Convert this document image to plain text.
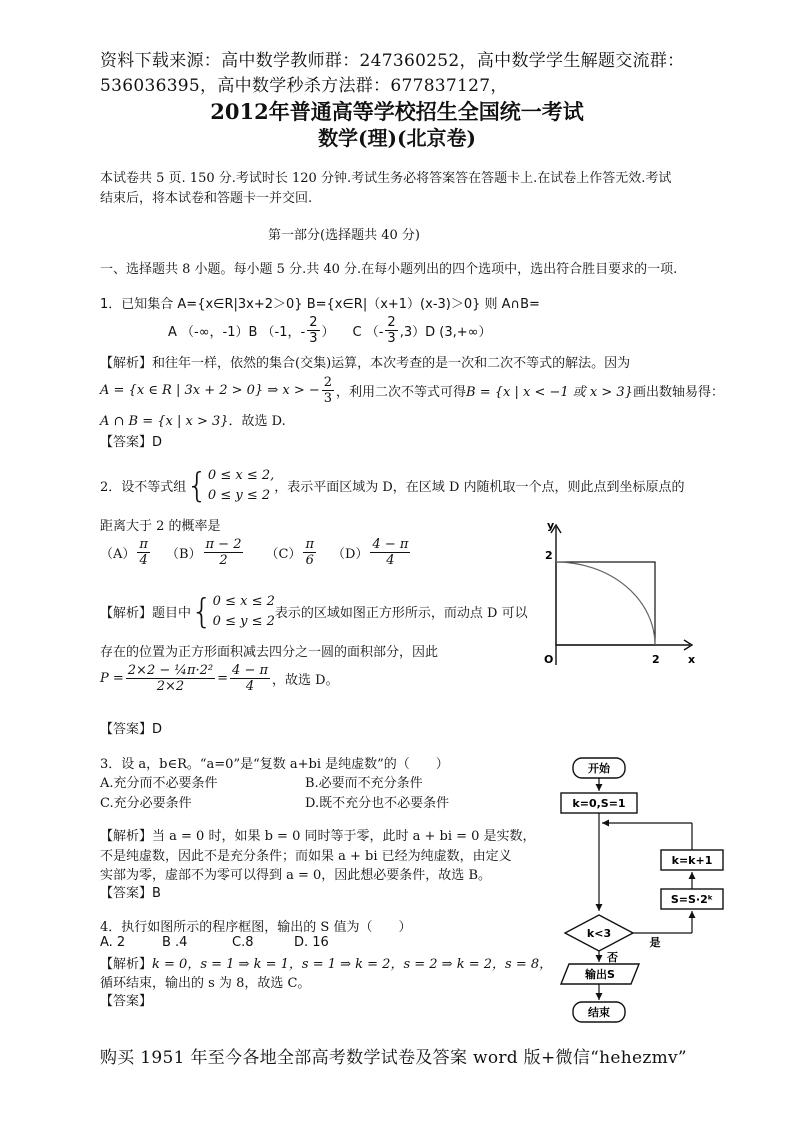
资料下载来源：高中数学教师群：247360252，高中数学学生解题交流群：
536036395，高中数学秒杀方法群：677837127，
2012年普通高等学校招生全国统一考试
数学(理)(北京卷)
本试卷共 5 页. 150 分.考试时长 120 分钟.考试生务必将答案答在答题卡上.在试卷上作答无效.考试
结束后，将本试卷和答题卡一并交回.
第一部分(选择题共 40 分)
一、选择题共 8 小题。每小题 5 分.共 40 分.在每小题列出的四个选项中，选出符合胜目要求的一项.
1．已知集合 A={x∈R|3x+2＞0} B={x∈R|（x+1）(x-3)＞0} 则 A∩B=
A （-∞，-1）B （-1，- $\frac{2}{3}$ ） C （- $\frac{2}{3} ,3)D$ (3,+∞）
【解析】和往年一样，依然的集合(交集)运算，本次考查的是一次和二次不等式的解法。因为
A = {x ∈ R | 3x + 2 > 0} ⇒ x > − $\frac{2}{3}$ ，利用二次不等式可得 B = {x | x < −1 或 x > 3} 画出数轴易得：
A ∩ B = {x | x > 3}．故选 D.
【答案】D
2．设不等式组 { 0 ≤ x ≤ 2,
0 ≤ y ≤ 2 ，表示平面区域为 D，在区域 D 内随机取一个点，则此点到坐标原点的
距离大于 2 的概率是
$(A) \frac{\pi}{4} (B) \frac{\pi - 2}{2} (C) \frac{\pi}{6} (D) \frac{4 - \pi}{4}$
【解析】 题目中 { 0 ≤ x ≤ 2
0 ≤ y ≤ 2 表示的区域如图正方形所示，而动点 D 可以
存在的位置为正方形面积减去四分之一圆的面积部分，因此
$P = \frac{\text{2×2 − ¼π·2²}}{2\times 2} = \frac{4 - \pi}{4}$ ，故选 D。
【答案】D
y
2
O	2	x
3．设 a，b∈R。“a=0”是“复数 a+bi 是纯虚数”的（　　）
A.充分而不必要条件	B.必要而不充分条件
C.充分必要条件	D.既不充分也不必要条件
【解析】当 a = 0 时，如果 b = 0 同时等于零，此时 a + bi = 0 是实数，
不是纯虚数，因此不是充分条件；而如果 a + bi 已经为纯虚数，由定义
实部为零，虚部不为零可以得到 a = 0，因此想必要条件，故选 B。
【答案】B
4．执行如图所示的程序框图，输出的 S 值为（　　）
A. 2	B .4	C.8	D. 16
【解析】k = 0，s = 1 ⇒ k = 1，s = 1 ⇒ k = 2，s = 2 ⇒ k = 2，s = 8，
循环结束，输出的 s 为 8，故选 C。
【答案】
开始
k=0,S=1
k=k+1
S=S·2ᵏ
k<3
是
否
输出S
结束
购买 1951 年至今各地全部高考数学试卷及答案 word 版+微信“hehezmv”
